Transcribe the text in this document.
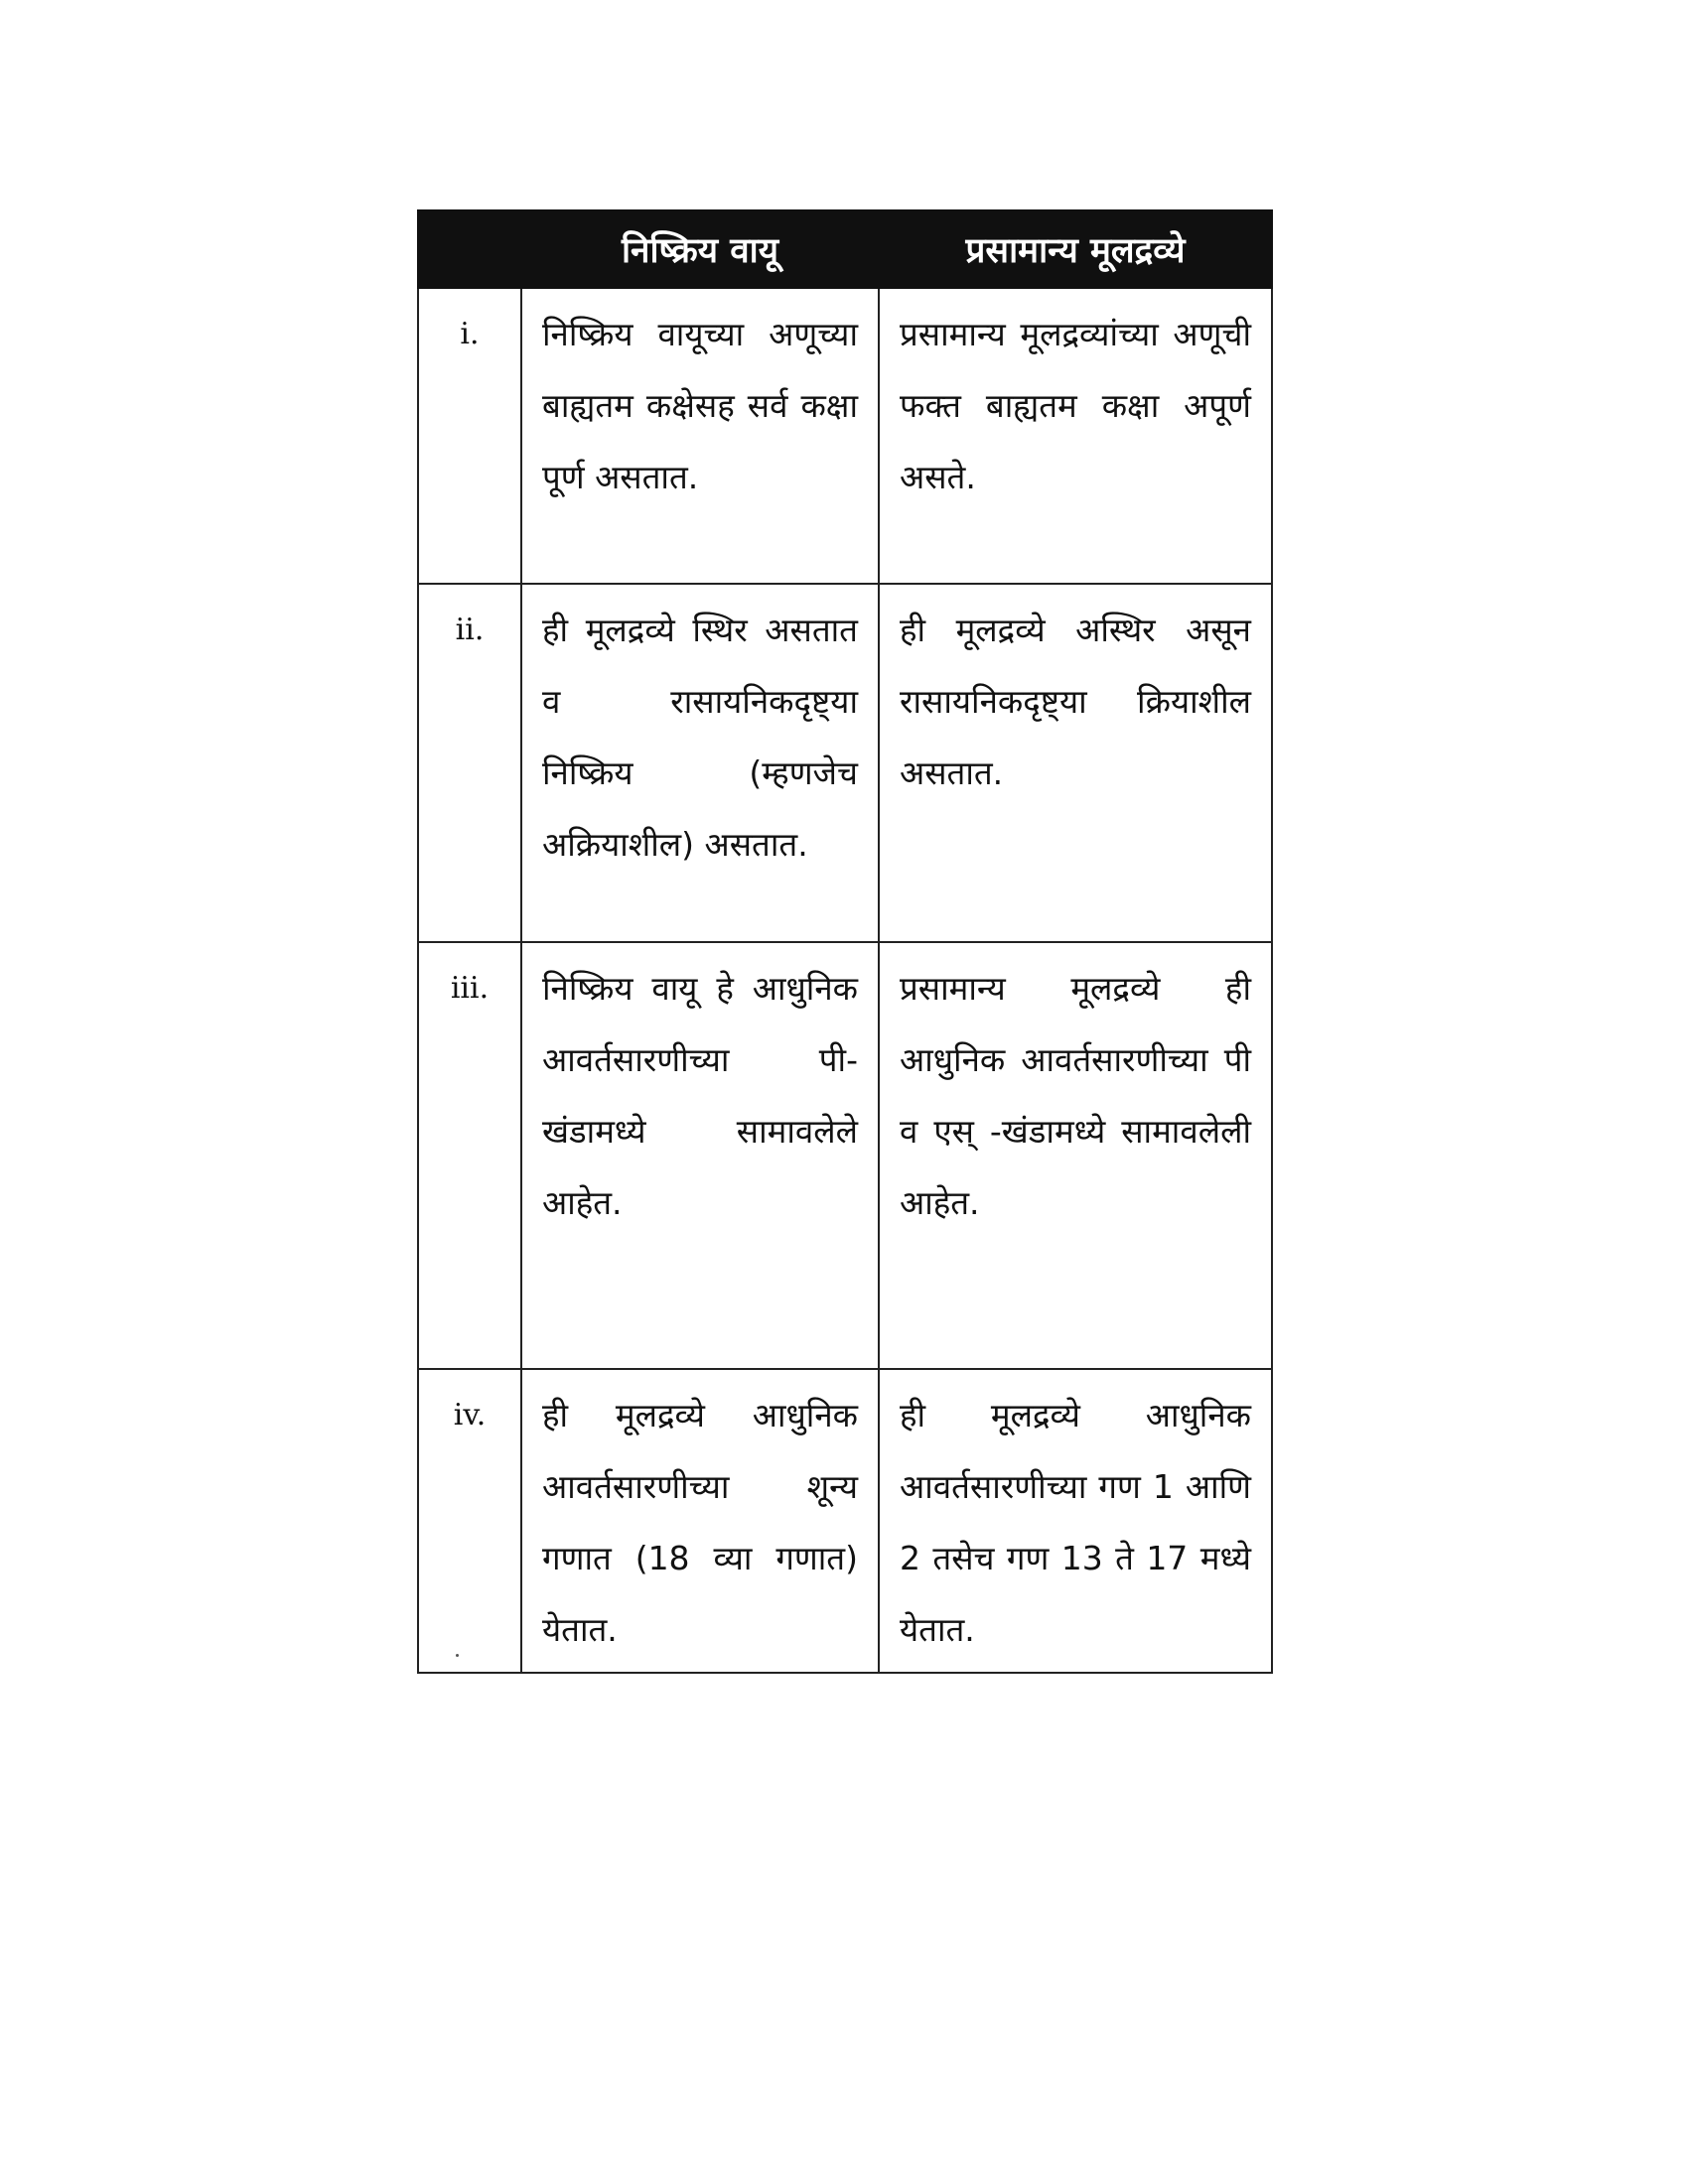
	निष्क्रिय वायू	प्रसामान्य मूलद्रव्ये
i.	निष्क्रिय वायूच्या अणूच्या बाह्यतम कक्षेसह सर्व कक्षा पूर्ण असतात.	प्रसामान्य मूलद्रव्यांच्या अणूची फक्त बाह्यतम कक्षा अपूर्ण असते.
ii.	ही मूलद्रव्ये स्थिर असतात व रासायनिकदृष्ट्या निष्क्रिय (म्हणजेच अक्रियाशील) असतात.	ही मूलद्रव्ये अस्थिर असून रासायनिकदृष्ट्या क्रियाशील असतात.
iii.	निष्क्रिय वायू हे आधुनिक आवर्तसारणीच्या पी-खंडामध्ये सामावलेले आहेत.	प्रसामान्य मूलद्रव्ये ही आधुनिक आवर्तसारणीच्या पी व एस् -खंडामध्ये सामावलेली आहेत.
iv.	ही मूलद्रव्ये आधुनिक आवर्तसारणीच्या शून्य गणात (18 व्या गणात) येतात.	ही मूलद्रव्ये आधुनिक आवर्तसारणीच्या गण 1 आणि 2 तसेच गण 13 ते 17 मध्ये येतात.
